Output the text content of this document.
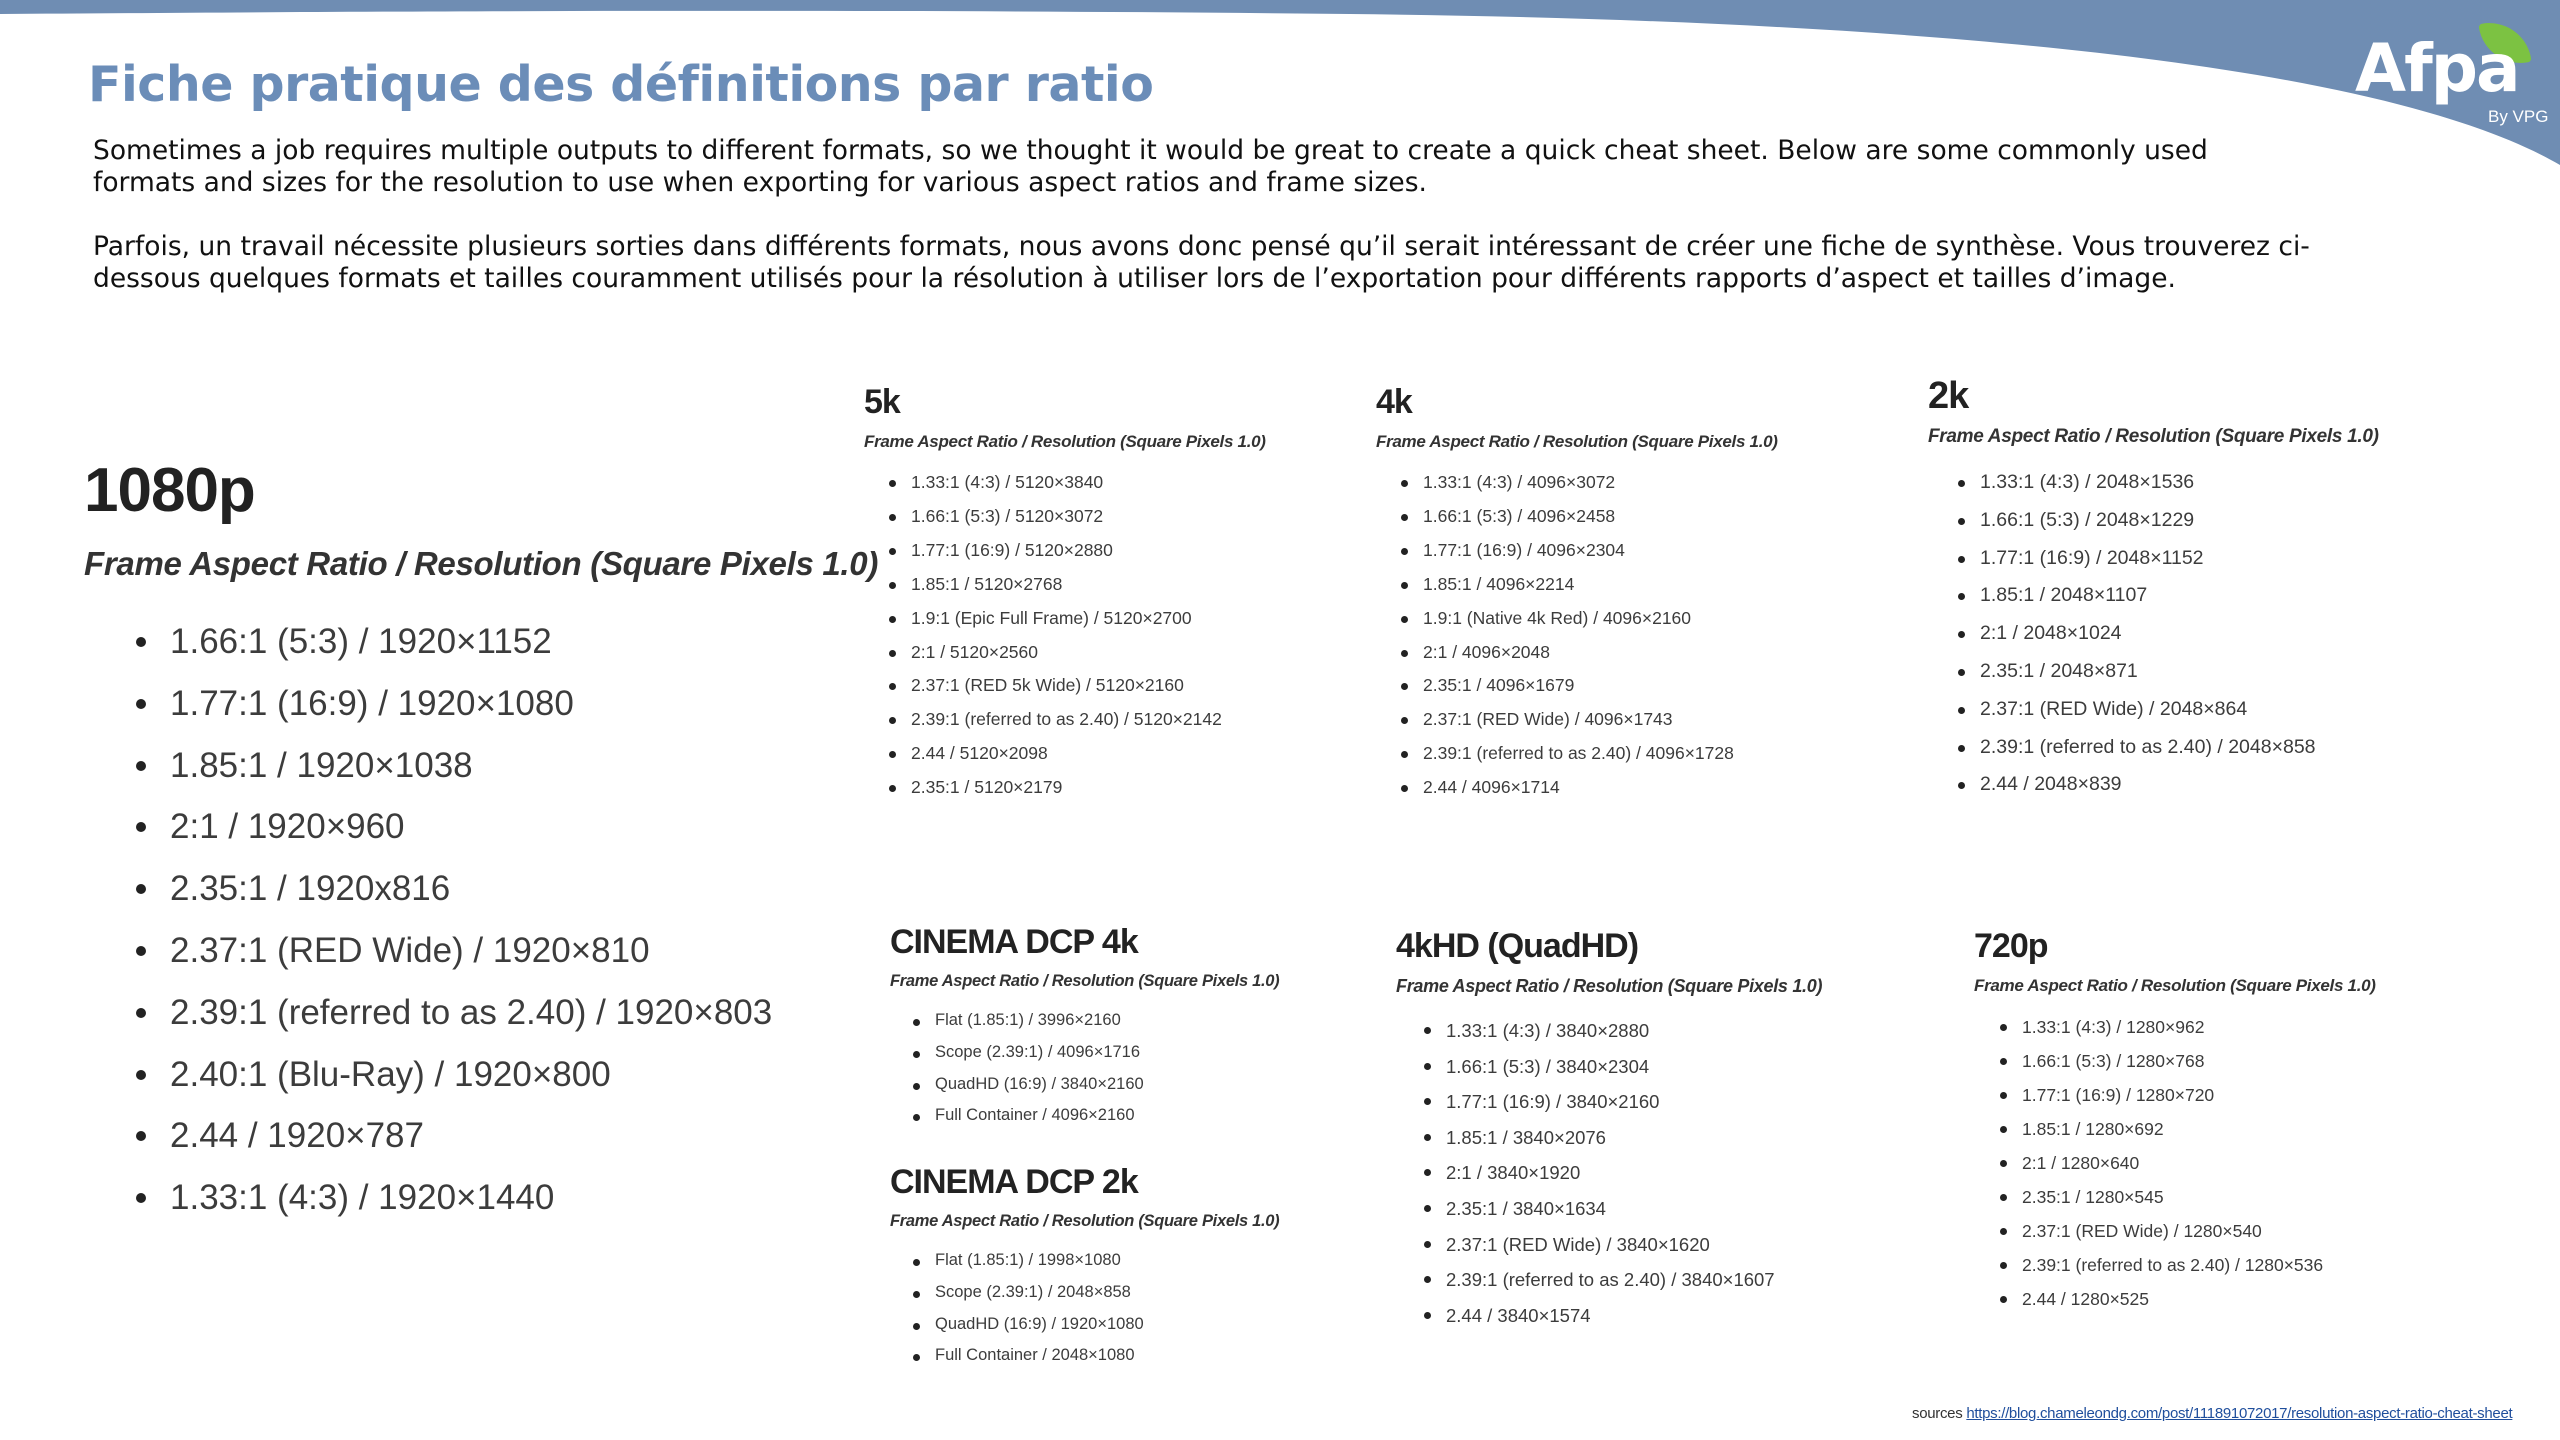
Afpa
By VPG
Fiche pratique des définitions par ratio
Sometimes a job requires multiple outputs to different formats, so we thought it would be great to create a quick cheat sheet. Below are some commonly used formats and sizes for the resolution to use when exporting for various aspect ratios and frame sizes.
Parfois, un travail nécessite plusieurs sorties dans différents formats, nous avons donc pensé qu’il serait intéressant de créer une fiche de synthèse. Vous trouverez ci-dessous quelques formats et tailles couramment utilisés pour la résolution à utiliser lors de l’exportation pour différents rapports d’aspect et tailles d’image.
1080p
Frame Aspect Ratio / Resolution (Square Pixels 1.0)
1.66:1 (5:3) / 1920×1152
1.77:1 (16:9) / 1920×1080
1.85:1 / 1920×1038
2:1 / 1920×960
2.35:1 / 1920x816
2.37:1 (RED Wide) / 1920×810
2.39:1 (referred to as 2.40) / 1920×803
2.40:1 (Blu-Ray) / 1920×800
2.44 / 1920×787
1.33:1 (4:3) / 1920×1440
5k
Frame Aspect Ratio / Resolution (Square Pixels 1.0)
1.33:1 (4:3) / 5120×3840
1.66:1 (5:3) / 5120×3072
1.77:1 (16:9) / 5120×2880
1.85:1 / 5120×2768
1.9:1 (Epic Full Frame) / 5120×2700
2:1 / 5120×2560
2.37:1 (RED 5k Wide) / 5120×2160
2.39:1 (referred to as 2.40) / 5120×2142
2.44 / 5120×2098
2.35:1 / 5120×2179
4k
Frame Aspect Ratio / Resolution (Square Pixels 1.0)
1.33:1 (4:3) / 4096×3072
1.66:1 (5:3) / 4096×2458
1.77:1 (16:9) / 4096×2304
1.85:1 / 4096×2214
1.9:1 (Native 4k Red) / 4096×2160
2:1 / 4096×2048
2.35:1 / 4096×1679
2.37:1 (RED Wide) / 4096×1743
2.39:1 (referred to as 2.40) / 4096×1728
2.44 / 4096×1714
2k
Frame Aspect Ratio / Resolution (Square Pixels 1.0)
1.33:1 (4:3) / 2048×1536
1.66:1 (5:3) / 2048×1229
1.77:1 (16:9) / 2048×1152
1.85:1 / 2048×1107
2:1 / 2048×1024
2.35:1 / 2048×871
2.37:1 (RED Wide) / 2048×864
2.39:1 (referred to as 2.40) / 2048×858
2.44 / 2048×839
CINEMA DCP 4k
Frame Aspect Ratio / Resolution (Square Pixels 1.0)
Flat (1.85:1) / 3996×2160
Scope (2.39:1) / 4096×1716
QuadHD (16:9) / 3840×2160
Full Container / 4096×2160
CINEMA DCP 2k
Frame Aspect Ratio / Resolution (Square Pixels 1.0)
Flat (1.85:1) / 1998×1080
Scope (2.39:1) / 2048×858
QuadHD (16:9) / 1920×1080
Full Container / 2048×1080
4kHD (QuadHD)
Frame Aspect Ratio / Resolution (Square Pixels 1.0)
1.33:1 (4:3) / 3840×2880
1.66:1 (5:3) / 3840×2304
1.77:1 (16:9) / 3840×2160
1.85:1 / 3840×2076
2:1 / 3840×1920
2.35:1 / 3840×1634
2.37:1 (RED Wide) / 3840×1620
2.39:1 (referred to as 2.40) / 3840×1607
2.44 / 3840×1574
720p
Frame Aspect Ratio / Resolution (Square Pixels 1.0)
1.33:1 (4:3) / 1280×962
1.66:1 (5:3) / 1280×768
1.77:1 (16:9) / 1280×720
1.85:1 / 1280×692
2:1 / 1280×640
2.35:1 / 1280×545
2.37:1 (RED Wide) / 1280×540
2.39:1 (referred to as 2.40) / 1280×536
2.44 / 1280×525
sources https://blog.chameleondg.com/post/111891072017/resolution-aspect-ratio-cheat-sheet
